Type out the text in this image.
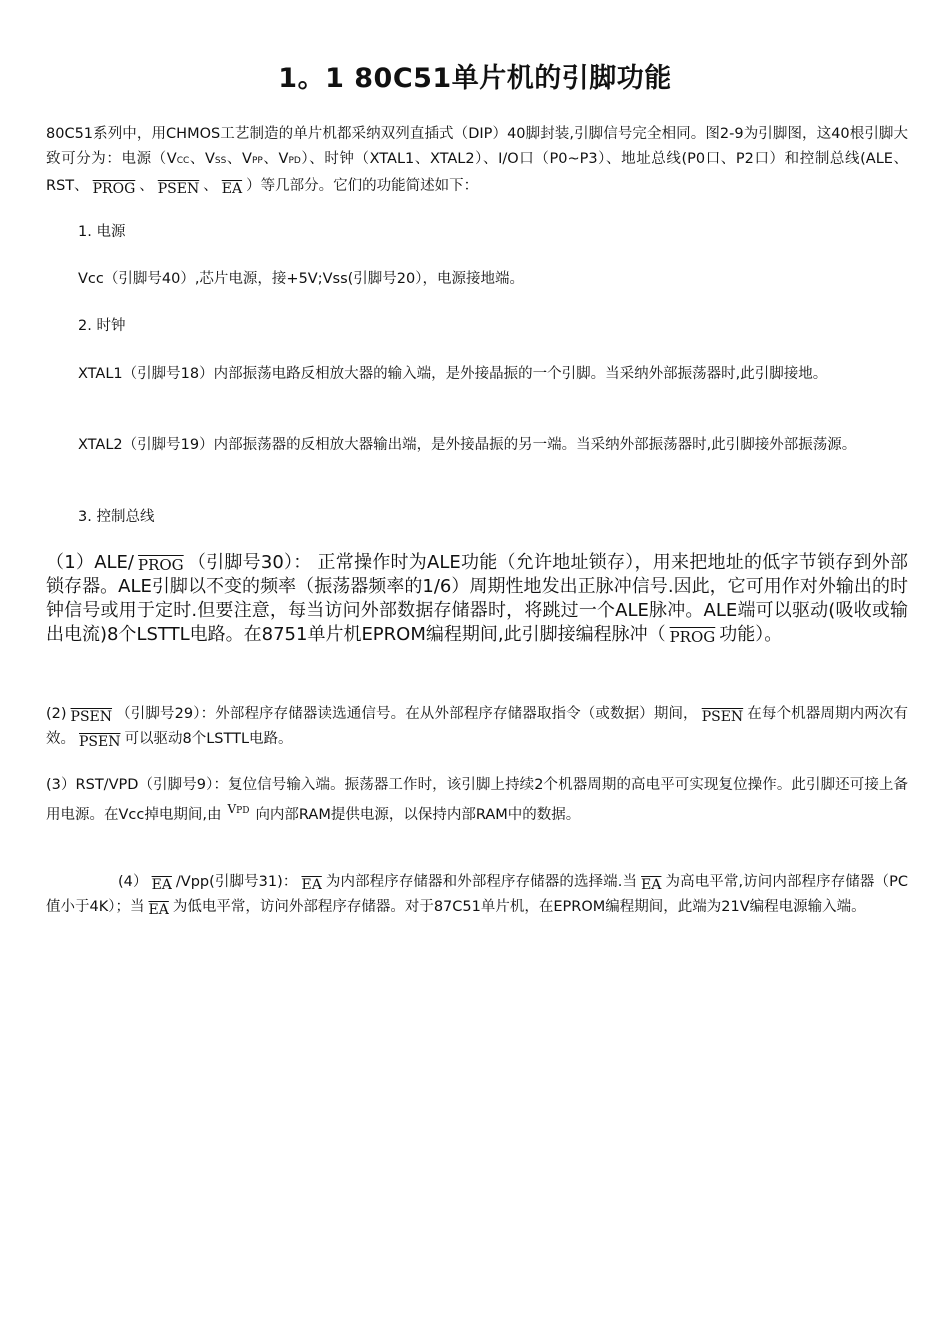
1。1 80C51单片机的引脚功能
80C51系列中，用CHMOS工艺制造的单片机都采纳双列直插式（DIP）40脚封装,引脚信号完全相同。图2-9为引脚图，这40根引脚大致可分为：电源（VCC、VSS、VPP、VPD）、时钟（XTAL1、XTAL2）、I/O口（P0~P3）、地址总线(P0口、P2口）和控制总线(ALE、RST、 PROG 、 PSEN 、 $\overline{EA}$ ）等几部分。它们的功能简述如下：
1. 电源
Vcc（引脚号40）,芯片电源，接+5V;Vss(引脚号20），电源接地端。
2. 时钟
XTAL1（引脚号18）内部振荡电路反相放大器的输入端，是外接晶振的一个引脚。当采纳外部振荡器时,此引脚接地。
XTAL2（引脚号19）内部振荡器的反相放大器输出端，是外接晶振的另一端。当采纳外部振荡器时,此引脚接外部振荡源。
3. 控制总线
（1）ALE/ PROG （引脚号30）： 正常操作时为ALE功能（允许地址锁存），用来把地址的低字节锁存到外部锁存器。ALE引脚以不变的频率（振荡器频率的1/6）周期性地发出正脉冲信号.因此，它可用作对外输出的时钟信号或用于定时.但要注意，每当访问外部数据存储器时，将跳过一个ALE脉冲。ALE端可以驱动(吸收或输出电流)8个LSTTL电路。在8751单片机EPROM编程期间,此引脚接编程脉冲（ PROG 功能）。
(2) PSEN （引脚号29）：外部程序存储器读选通信号。在从外部程序存储器取指令（或数据）期间， PSEN 在每个机器周期内两次有效。 PSEN 可以驱动8个LSTTL电路。
(3）RST/VPD（引脚号9）：复位信号输入端。振荡器工作时，该引脚上持续2个机器周期的高电平可实现复位操作。此引脚还可接上备用电源。在Vcc掉电期间,由 $^{VPD}$ 向内部RAM提供电源，以保持内部RAM中的数据。
(4） $\overline{EA}$ /Vpp(引脚号31)： $\overline{EA}$ 为内部程序存储器和外部程序存储器的选择端.当 $\overline{EA}$ 为高电平常,访问内部程序存储器（PC值小于4K）；当 $\overline{EA}$ 为低电平常，访问外部程序存储器。对于87C51单片机，在EPROM编程期间，此端为21V编程电源输入端。
